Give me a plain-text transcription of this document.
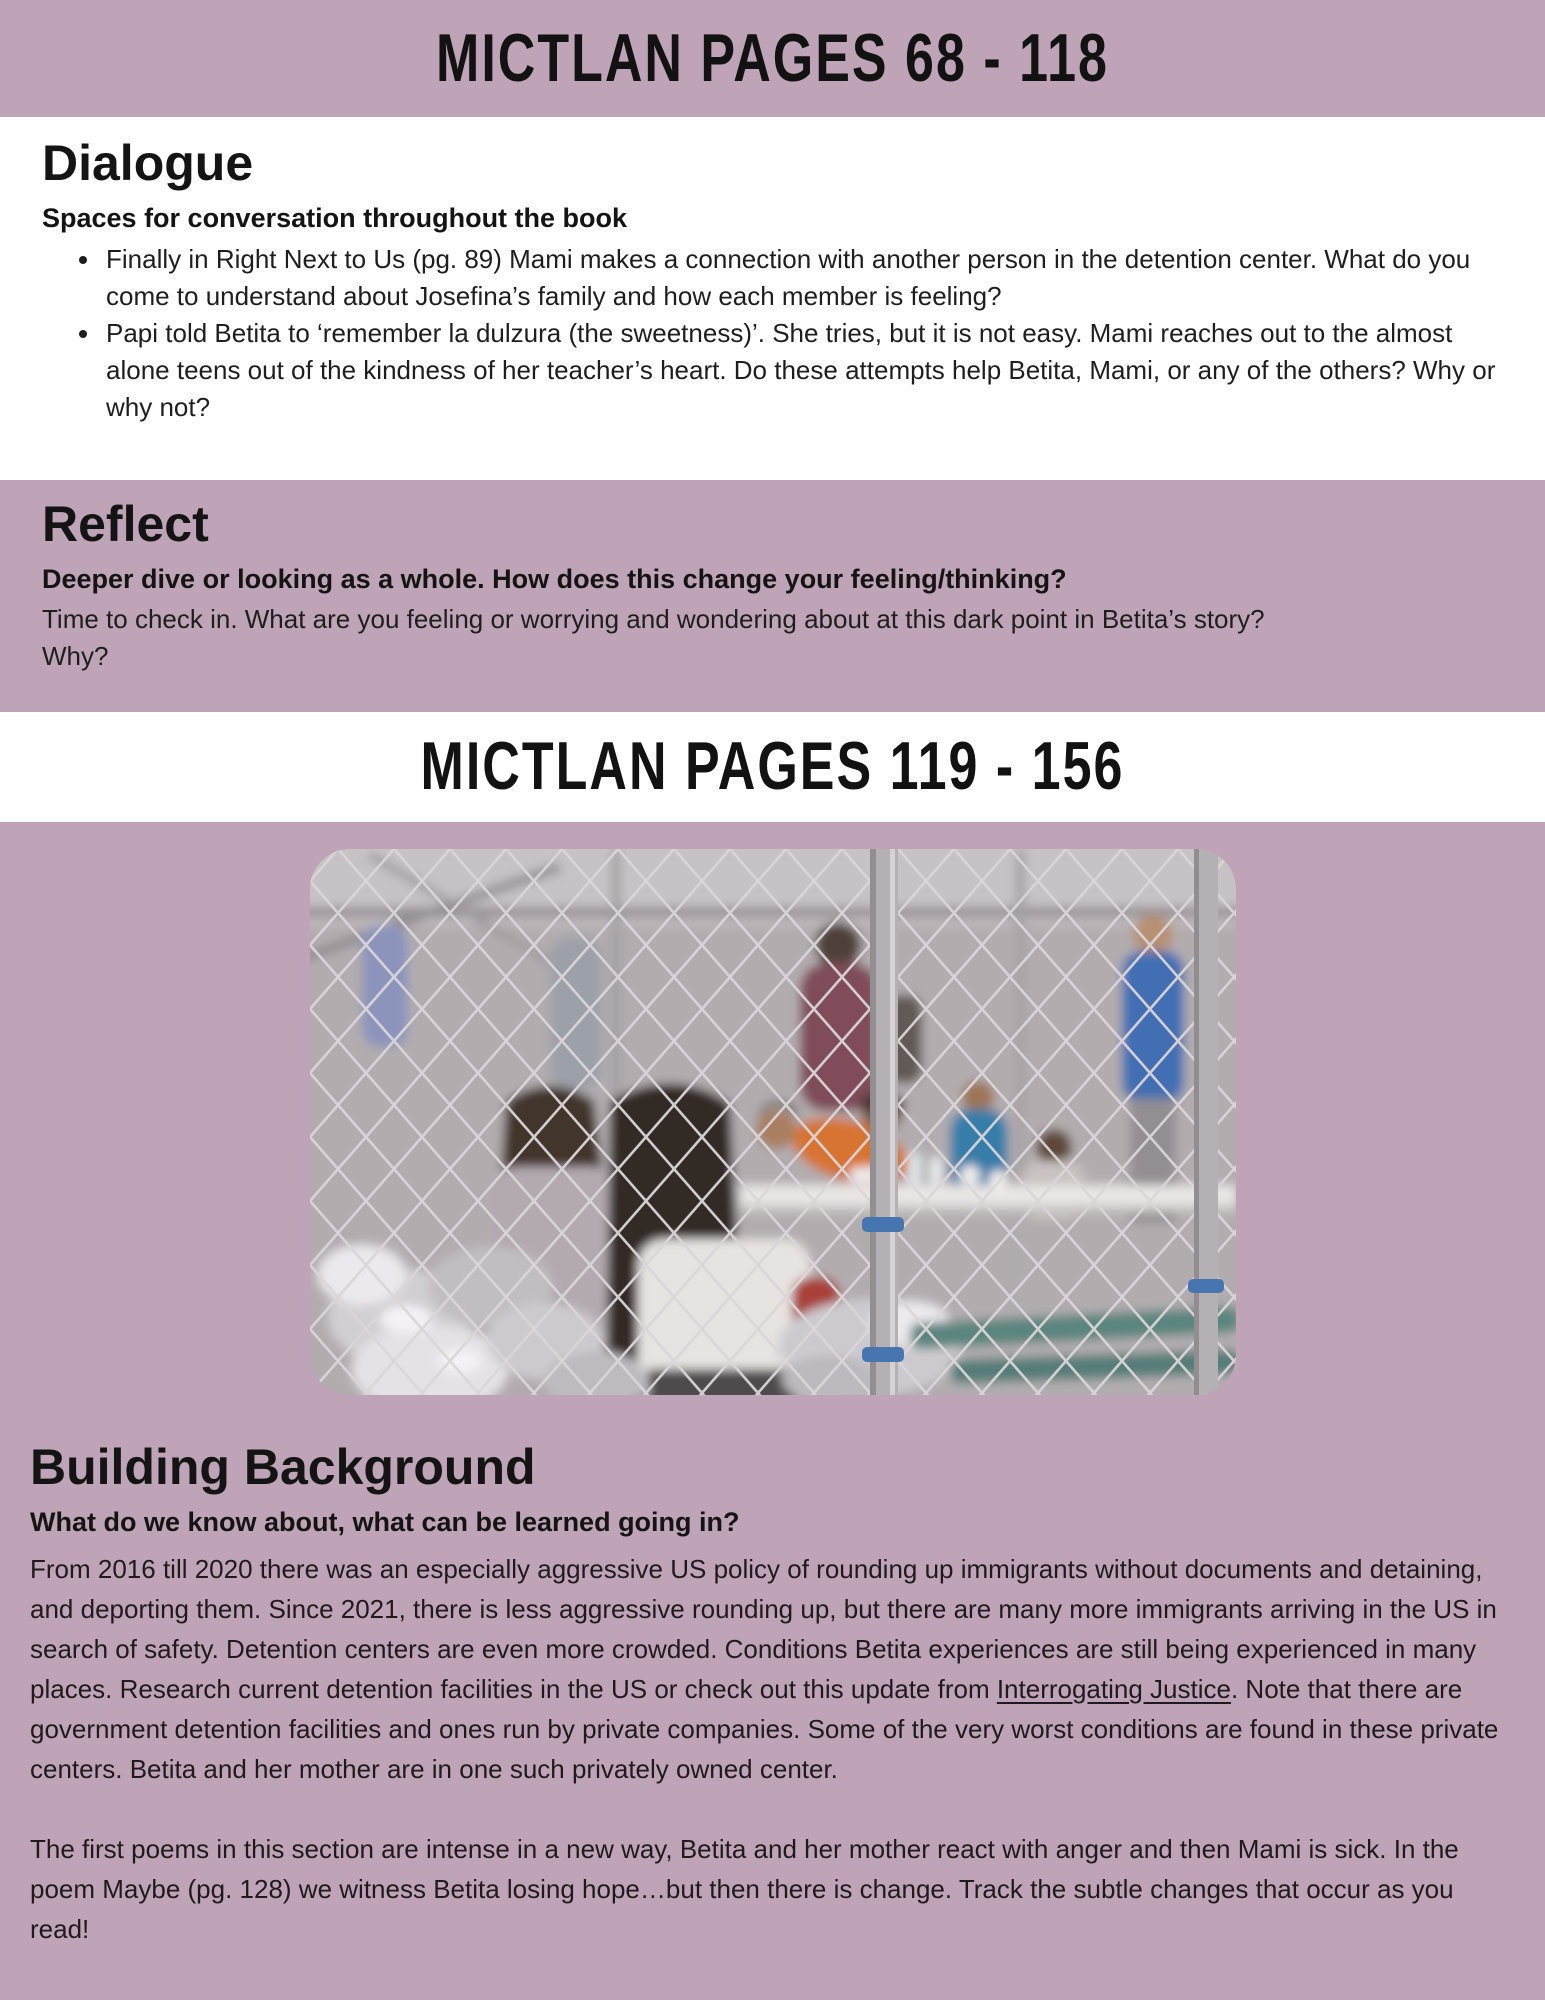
MICTLAN PAGES 68 - 118
Dialogue
Spaces for conversation throughout the book
• Finally in Right Next to Us (pg. 89) Mami makes a connection with another person in the detention center. What do you come to understand about Josefina’s family and how each member is feeling?
• Papi told Betita to ‘remember la dulzura (the sweetness)’. She tries, but it is not easy. Mami reaches out to the almost alone teens out of the kindness of her teacher’s heart. Do these attempts help Betita, Mami, or any of the others? Why or why not?
Reflect
Deeper dive or looking as a whole. How does this change your feeling/thinking?
Time to check in. What are you feeling or worrying and wondering about at this dark point in Betita’s story? Why?
MICTLAN PAGES 119 - 156
Building Background
What do we know about, what can be learned going in?

From 2016 till 2020 there was an especially aggressive US policy of rounding up immigrants without documents and detaining, and deporting them. Since 2021, there is less aggressive rounding up, but there are many more immigrants arriving in the US in search of safety. Detention centers are even more crowded. Conditions Betita experiences are still being experienced in many places. Research current detention facilities in the US or check out this update from Interrogating Justice. Note that there are government detention facilities and ones run by private companies. Some of the very worst conditions are found in these private centers. Betita and her mother are in one such privately owned center.

The first poems in this section are intense in a new way, Betita and her mother react with anger and then Mami is sick. In the poem Maybe (pg. 128) we witness Betita losing hope…but then there is change. Track the subtle changes that occur as you read!
